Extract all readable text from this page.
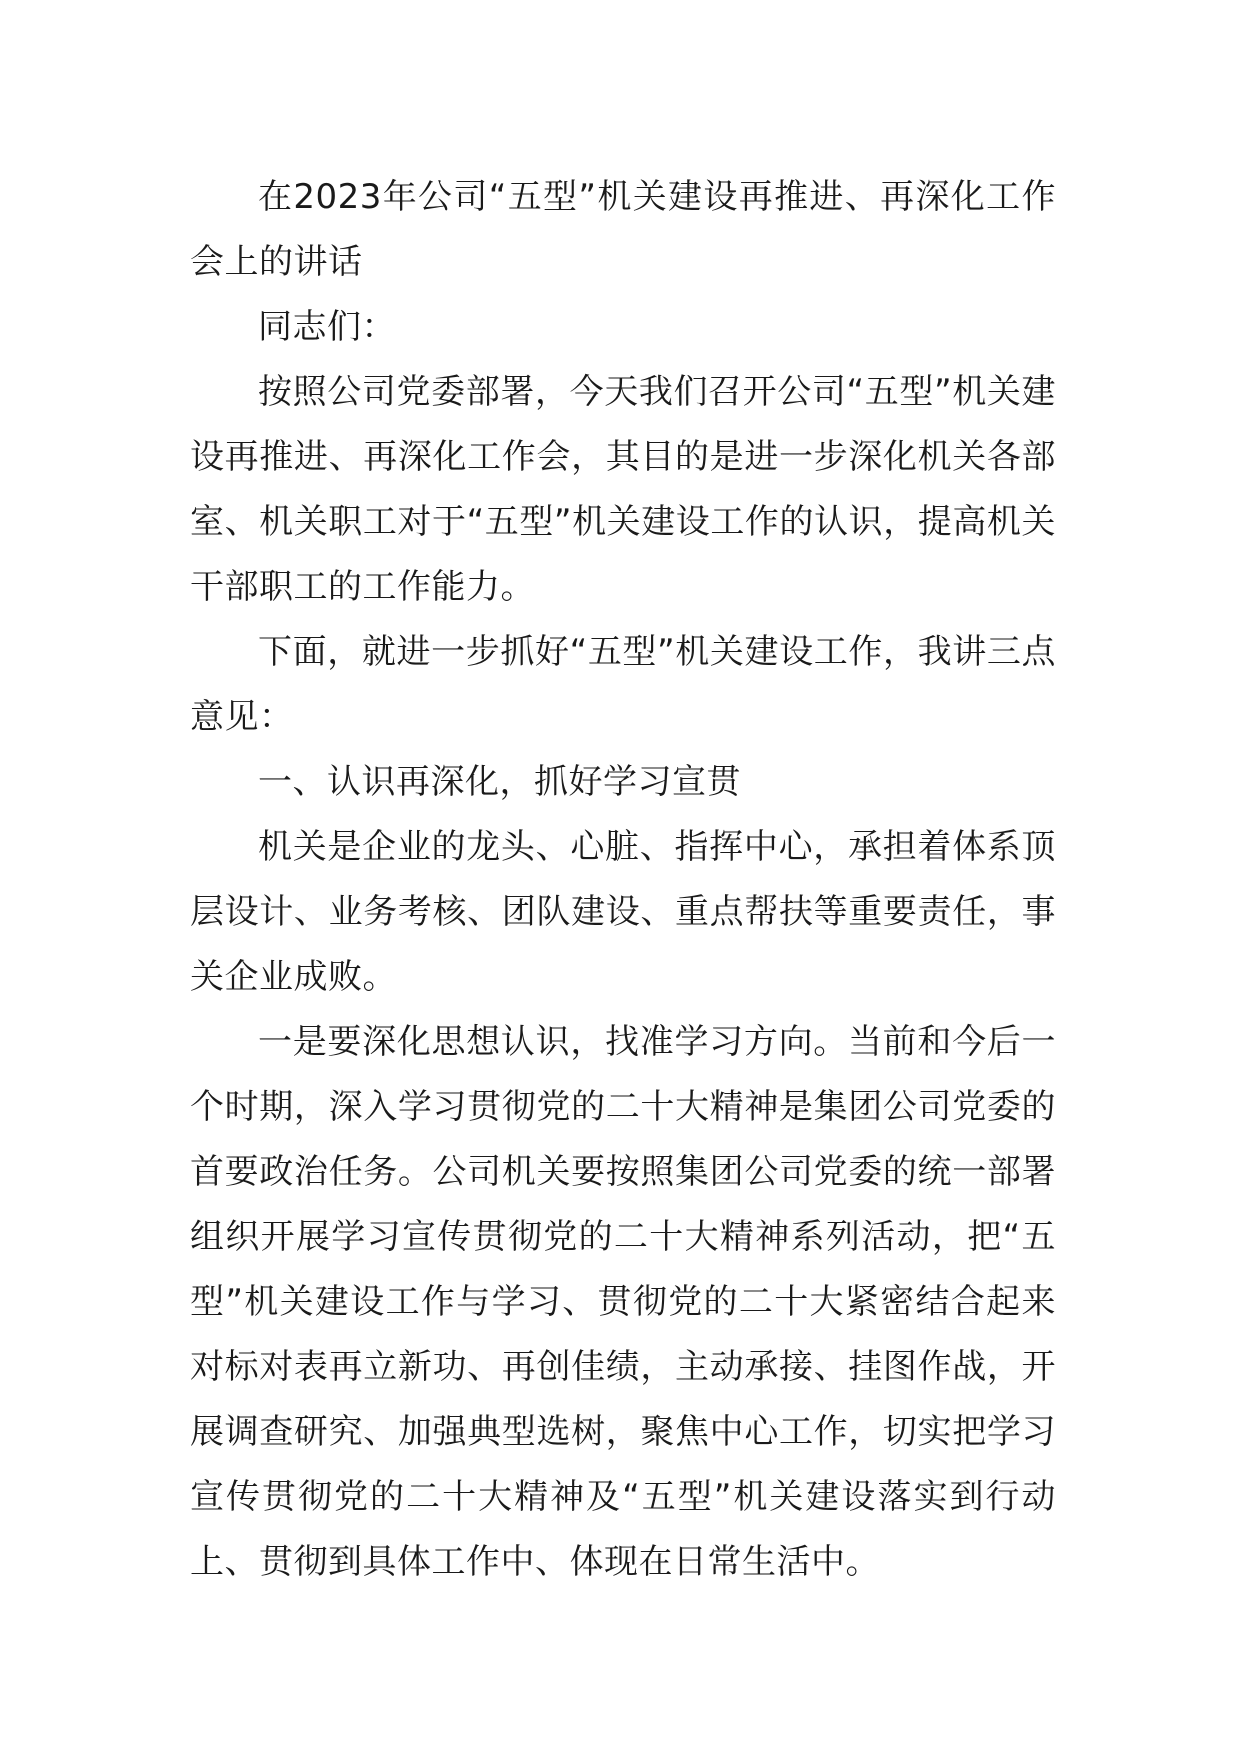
在2023年公司“五型”机关建设再推进、再深化工作会上的讲话

同志们：

按照公司党委部署，今天我们召开公司“五型”机关建设再推进、再深化工作会，其目的是进一步深化机关各部室、机关职工对于“五型”机关建设工作的认识，提高机关干部职工的工作能力。

下面，就进一步抓好“五型”机关建设工作，我讲三点意见：

一、认识再深化，抓好学习宣贯

机关是企业的龙头、心脏、指挥中心，承担着体系顶层设计、业务考核、团队建设、重点帮扶等重要责任，事关企业成败。

一是要深化思想认识，找准学习方向。当前和今后一个时期，深入学习贯彻党的二十大精神是集团公司党委的首要政治任务。公司机关要按照集团公司党委的统一部署组织开展学习宣传贯彻党的二十大精神系列活动，把“五型”机关建设工作与学习、贯彻党的二十大紧密结合起来对标对表再立新功、再创佳绩，主动承接、挂图作战，开展调查研究、加强典型选树，聚焦中心工作，切实把学习宣传贯彻党的二十大精神及“五型”机关建设落实到行动上、贯彻到具体工作中、体现在日常生活中。
